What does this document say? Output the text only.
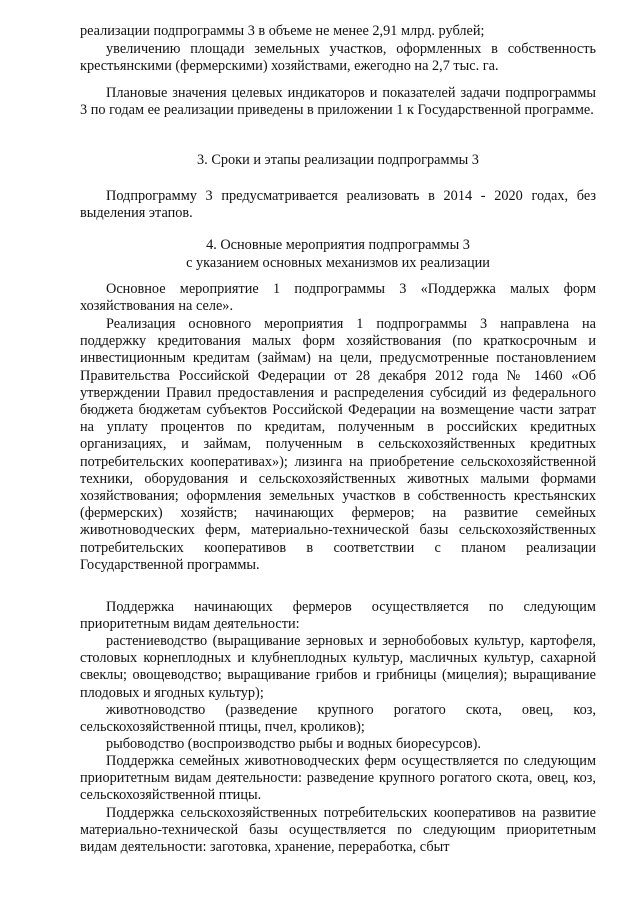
реализации подпрограммы 3 в объеме не менее 2,91 млрд. рублей;

увеличению площади земельных участков, оформленных в собственность крестьянскими (фермерскими) хозяйствами, ежегодно на 2,7 тыс. га.

Плановые значения целевых индикаторов и показателей задачи подпрограммы 3 по годам ее реализации приведены в приложении 1 к Государственной программе.

3. Сроки и этапы реализации подпрограммы 3

Подпрограмму 3 предусматривается реализовать в 2014 - 2020 годах, без выделения этапов.

4. Основные мероприятия подпрограммы 3

с указанием основных механизмов их реализации

Основное мероприятие 1 подпрограммы 3 «Поддержка малых форм хозяйствования на селе».

Реализация основного мероприятия 1 подпрограммы 3 направлена на поддержку кредитования малых форм хозяйствования (по краткосрочным и инвестиционным кредитам (займам) на цели, предусмотренные постановлением Правительства Российской Федерации от 28 декабря 2012 года № 1460 «Об утверждении Правил предоставления и распределения субсидий из федерального бюджета бюджетам субъектов Российской Федерации на возмещение части затрат на уплату процентов по кредитам, полученным в российских кредитных организациях, и займам, полученным в сельскохозяйственных кредитных потребительских кооперативах»); лизинга на приобретение сельскохозяйственной техники, оборудования и сельскохозяйственных животных малыми формами хозяйствования; оформления земельных участков в собственность крестьянских (фермерских) хозяйств; начинающих фермеров; на развитие семейных животноводческих ферм, материально-технической базы сельскохозяйственных потребительских кооперативов в соответствии с планом реализации Государственной программы.

Поддержка начинающих фермеров осуществляется по следующим приоритетным видам деятельности:

растениеводство (выращивание зерновых и зернобобовых культур, картофеля, столовых корнеплодных и клубнеплодных культур, масличных культур, сахарной свеклы; овощеводство; выращивание грибов и грибницы (мицелия); выращивание плодовых и ягодных культур);

животноводство (разведение крупного рогатого скота, овец, коз, сельскохозяйственной птицы, пчел, кроликов);

рыбоводство (воспроизводство рыбы и водных биоресурсов).

Поддержка семейных животноводческих ферм осуществляется по следующим приоритетным видам деятельности: разведение крупного рогатого скота, овец, коз, сельскохозяйственной птицы.

Поддержка сельскохозяйственных потребительских кооперативов на развитие материально-технической базы осуществляется по следующим приоритетным видам деятельности: заготовка, хранение, переработка, сбыт
